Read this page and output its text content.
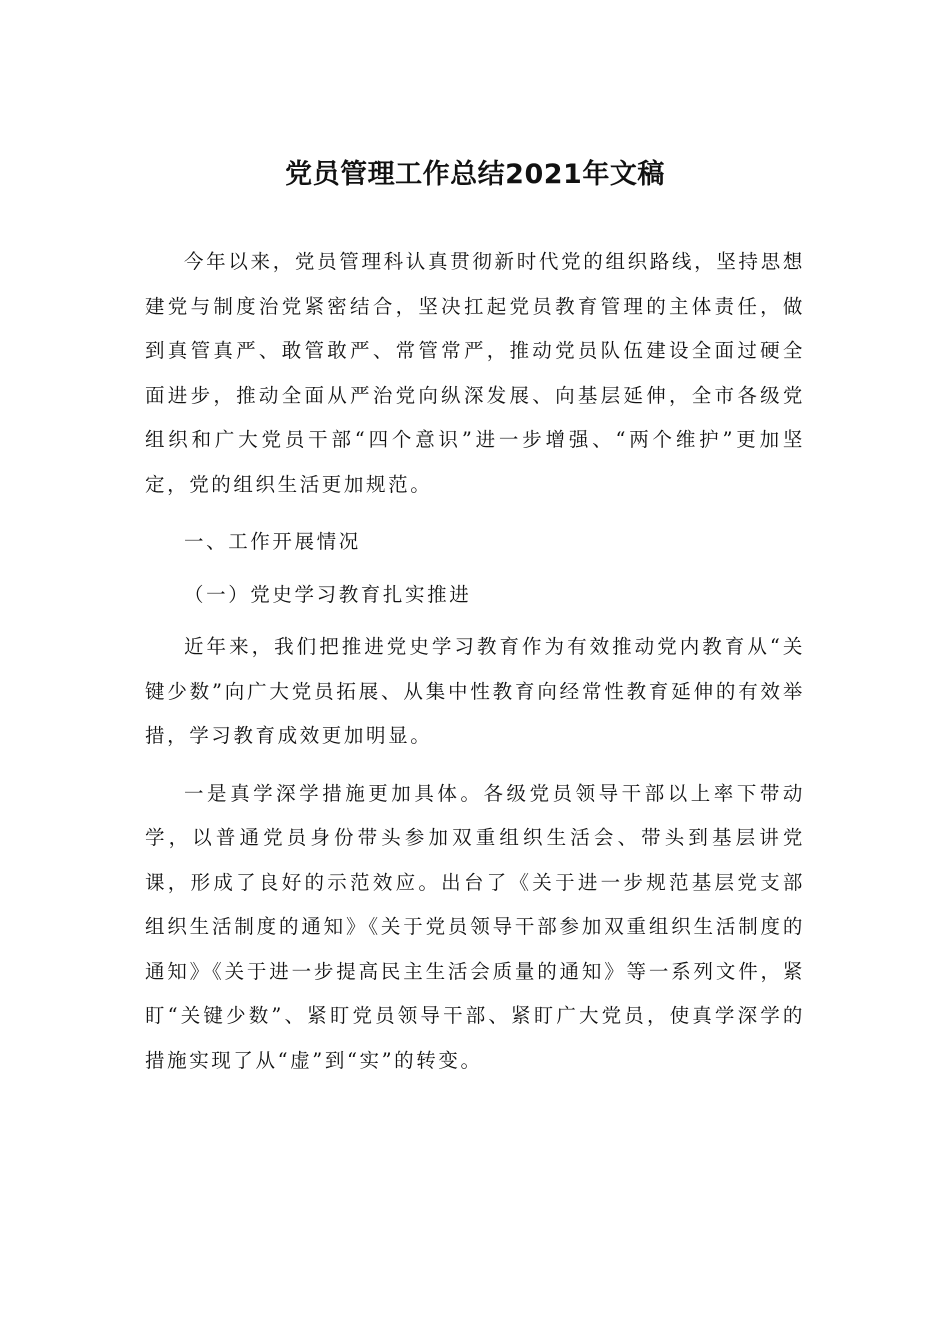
党员管理工作总结2021年文稿

今年以来，党员管理科认真贯彻新时代党的组织路线，坚持思想建党与制度治党紧密结合，坚决扛起党员教育管理的主体责任，做到真管真严、敢管敢严、常管常严，推动党员队伍建设全面过硬全面进步，推动全面从严治党向纵深发展、向基层延伸，全市各级党组织和广大党员干部“四个意识”进一步增强、“两个维护”更加坚定，党的组织生活更加规范。

一、工作开展情况

（一）党史学习教育扎实推进

近年来，我们把推进党史学习教育作为有效推动党内教育从“关键少数”向广大党员拓展、从集中性教育向经常性教育延伸的有效举措，学习教育成效更加明显。

一是真学深学措施更加具体。各级党员领导干部以上率下带动学，以普通党员身份带头参加双重组织生活会、带头到基层讲党课，形成了良好的示范效应。出台了《关于进一步规范基层党支部组织生活制度的通知》《关于党员领导干部参加双重组织生活制度的通知》《关于进一步提高民主生活会质量的通知》等一系列文件，紧盯“关键少数”、紧盯党员领导干部、紧盯广大党员，使真学深学的措施实现了从“虚”到“实”的转变。
